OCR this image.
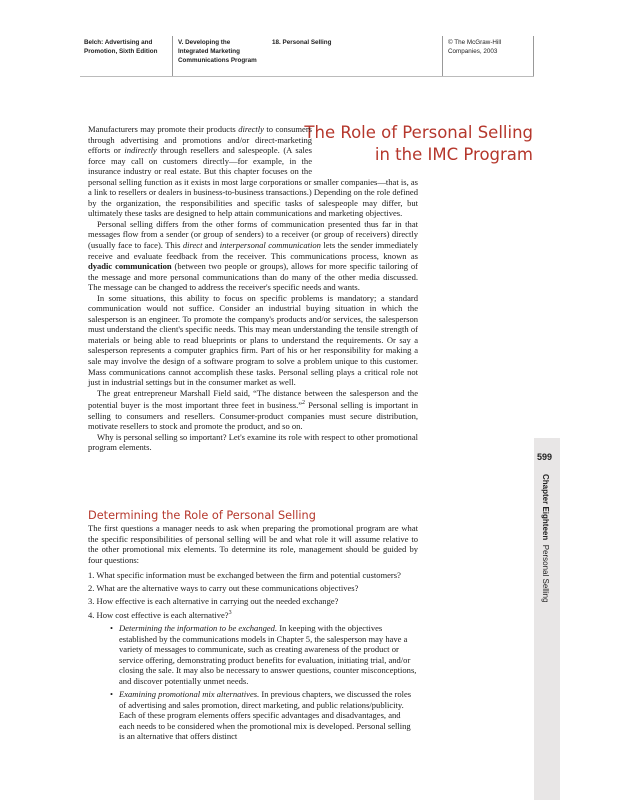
Belch: Advertising and Promotion, Sixth Edition
V. Developing the Integrated Marketing Communications Program
18. Personal Selling	© The McGraw-Hill Companies, 2003
The Role of Personal Selling in the IMC Program

Manufacturers may promote their products directly to consumers through advertising and promotions and/or direct-marketing efforts or indirectly through resellers and salespeople. (A sales force may call on customers directly—for example, in the insurance industry or real estate. But this chapter focuses on the personal selling function as it exists in most large corporations or smaller companies—that is, as a link to resellers or dealers in business-to-business transactions.) Depending on the role defined by the organization, the responsibilities and specific tasks of salespeople may differ, but ultimately these tasks are designed to help attain communications and marketing objectives.

Personal selling differs from the other forms of communication presented thus far in that messages flow from a sender (or group of senders) to a receiver (or group of receivers) directly (usually face to face). This direct and interpersonal communication lets the sender immediately receive and evaluate feedback from the receiver. This communications process, known as dyadic communication (between two people or groups), allows for more specific tailoring of the message and more personal communications than do many of the other media discussed. The message can be changed to address the receiver's specific needs and wants.

In some situations, this ability to focus on specific problems is mandatory; a standard communication would not suffice. Consider an industrial buying situation in which the salesperson is an engineer. To promote the company's products and/or services, the salesperson must understand the client's specific needs. This may mean understanding the tensile strength of materials or being able to read blueprints or plans to understand the requirements. Or say a salesperson represents a computer graphics firm. Part of his or her responsibility for making a sale may involve the design of a software program to solve a problem unique to this customer. Mass communications cannot accomplish these tasks. Personal selling plays a critical role not just in industrial settings but in the consumer market as well.

The great entrepreneur Marshall Field said, “The distance between the salesperson and the potential buyer is the most important three feet in business.”$^2$ Personal selling is important in selling to consumers and resellers. Consumer-product companies must secure distribution, motivate resellers to stock and promote the product, and so on.

Why is personal selling so important? Let's examine its role with respect to other promotional program elements.

Determining the Role of Personal Selling

The first questions a manager needs to ask when preparing the promotional program are what the specific responsibilities of personal selling will be and what role it will assume relative to the other promotional mix elements. To determine its role, management should be guided by four questions:

1. What specific information must be exchanged between the firm and potential customers?
2. What are the alternative ways to carry out these communications objectives?
3. How effective is each alternative in carrying out the needed exchange?
4. How cost effective is each alternative?$^3$
• Determining the information to be exchanged. In keeping with the objectives established by the communications models in Chapter 5, the salesperson may have a variety of messages to communicate, such as creating awareness of the product or service offering, demonstrating product benefits for evaluation, initiating trial, and/or closing the sale. It may also be necessary to answer questions, counter misconceptions, and discover potentially unmet needs.
• Examining promotional mix alternatives. In previous chapters, we discussed the roles of advertising and sales promotion, direct marketing, and public relations/publicity. Each of these program elements offers specific advantages and disadvantages, and each needs to be considered when the promotional mix is developed. Personal selling is an alternative that offers distinct
599
Chapter Eighteen  Personal Selling
